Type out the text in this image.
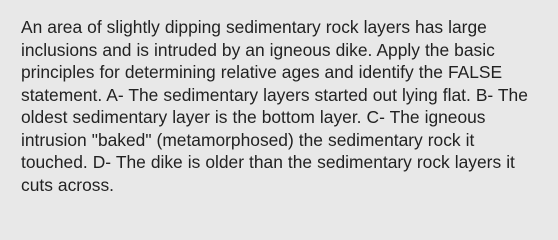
An area of slightly dipping sedimentary rock layers has large inclusions and is intruded by an igneous dike. Apply the basic principles for determining relative ages and identify the FALSE statement. A- The sedimentary layers started out lying flat. B- The oldest sedimentary layer is the bottom layer. C- The igneous intrusion "baked" (metamorphosed) the sedimentary rock it touched. D- The dike is older than the sedimentary rock layers it cuts across.
